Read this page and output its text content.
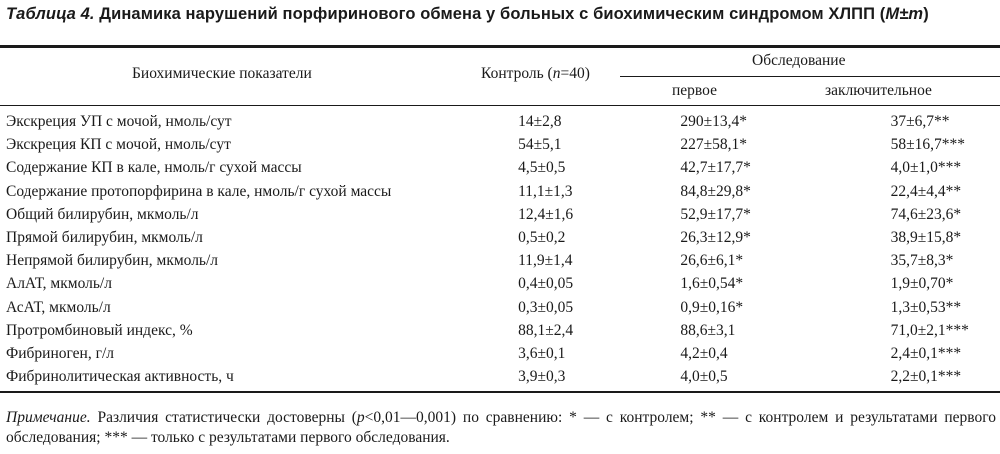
Таблица 4. Динамика нарушений порфиринового обмена у больных с биохимическим синдромом ХЛПП (M±m)
Биохимические показатели	Контроль (n=40)
Обследование
первое	заключительное
Экскреция УП с мочой, нмоль/сут	14±2,8	290±13,4*	37±6,7**
Экскреция КП с мочой, нмоль/сут	54±5,1	227±58,1*	58±16,7***
Содержание КП в кале, нмоль/г сухой массы	4,5±0,5	42,7±17,7*	4,0±1,0***
Содержание протопорфирина в кале, нмоль/г сухой массы	11,1±1,3	84,8±29,8*	22,4±4,4**
Общий билирубин, мкмоль/л	12,4±1,6	52,9±17,7*	74,6±23,6*
Прямой билирубин, мкмоль/л	0,5±0,2	26,3±12,9*	38,9±15,8*
Непрямой билирубин, мкмоль/л	11,9±1,4	26,6±6,1*	35,7±8,3*
АлАТ, мкмоль/л	0,4±0,05	1,6±0,54*	1,9±0,70*
АсАТ, мкмоль/л	0,3±0,05	0,9±0,16*	1,3±0,53**
Протромбиновый индекс, %	88,1±2,4	88,6±3,1	71,0±2,1***
Фибриноген, г/л	3,6±0,1	4,2±0,4	2,4±0,1***
Фибринолитическая активность, ч	3,9±0,3	4,0±0,5	2,2±0,1***
Примечание. Различия статистически достоверны (p<0,01—0,001) по сравнению: * — с контролем; ** — с контролем и результатами первого обследования; *** — только с результатами первого обследования.
